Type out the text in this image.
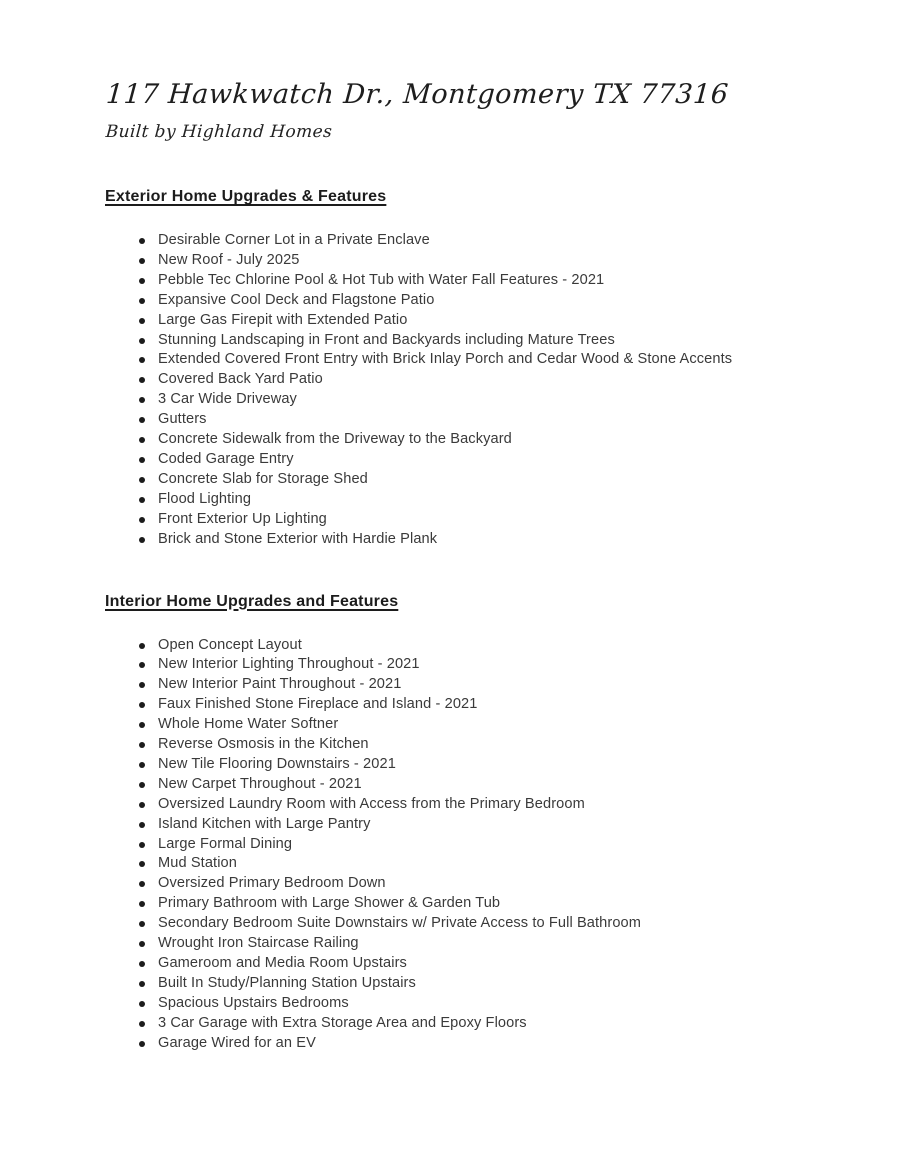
117 Hawkwatch Dr., Montgomery TX 77316

Built by Highland Homes

Exterior Home Upgrades & Features
Desirable Corner Lot in a Private Enclave
New Roof - July 2025
Pebble Tec Chlorine Pool & Hot Tub with Water Fall Features - 2021
Expansive Cool Deck and Flagstone Patio
Large Gas Firepit with Extended Patio
Stunning Landscaping in Front and Backyards including Mature Trees
Extended Covered Front Entry with Brick Inlay Porch and Cedar Wood & Stone Accents
Covered Back Yard Patio
3 Car Wide Driveway
Gutters
Concrete Sidewalk from the Driveway to the Backyard
Coded Garage Entry
Concrete Slab for Storage Shed
Flood Lighting
Front Exterior Up Lighting
Brick and Stone Exterior with Hardie Plank
Interior Home Upgrades and Features
Open Concept Layout
New Interior Lighting Throughout - 2021
New Interior Paint Throughout - 2021
Faux Finished Stone Fireplace and Island - 2021
Whole Home Water Softner
Reverse Osmosis in the Kitchen
New Tile Flooring Downstairs - 2021
New Carpet Throughout - 2021
Oversized Laundry Room with Access from the Primary Bedroom
Island Kitchen with Large Pantry
Large Formal Dining
Mud Station
Oversized Primary Bedroom Down
Primary Bathroom with Large Shower & Garden Tub
Secondary Bedroom Suite Downstairs w/ Private Access to Full Bathroom
Wrought Iron Staircase Railing
Gameroom and Media Room Upstairs
Built In Study/Planning Station Upstairs
Spacious Upstairs Bedrooms
3 Car Garage with Extra Storage Area and Epoxy Floors
Garage Wired for an EV
